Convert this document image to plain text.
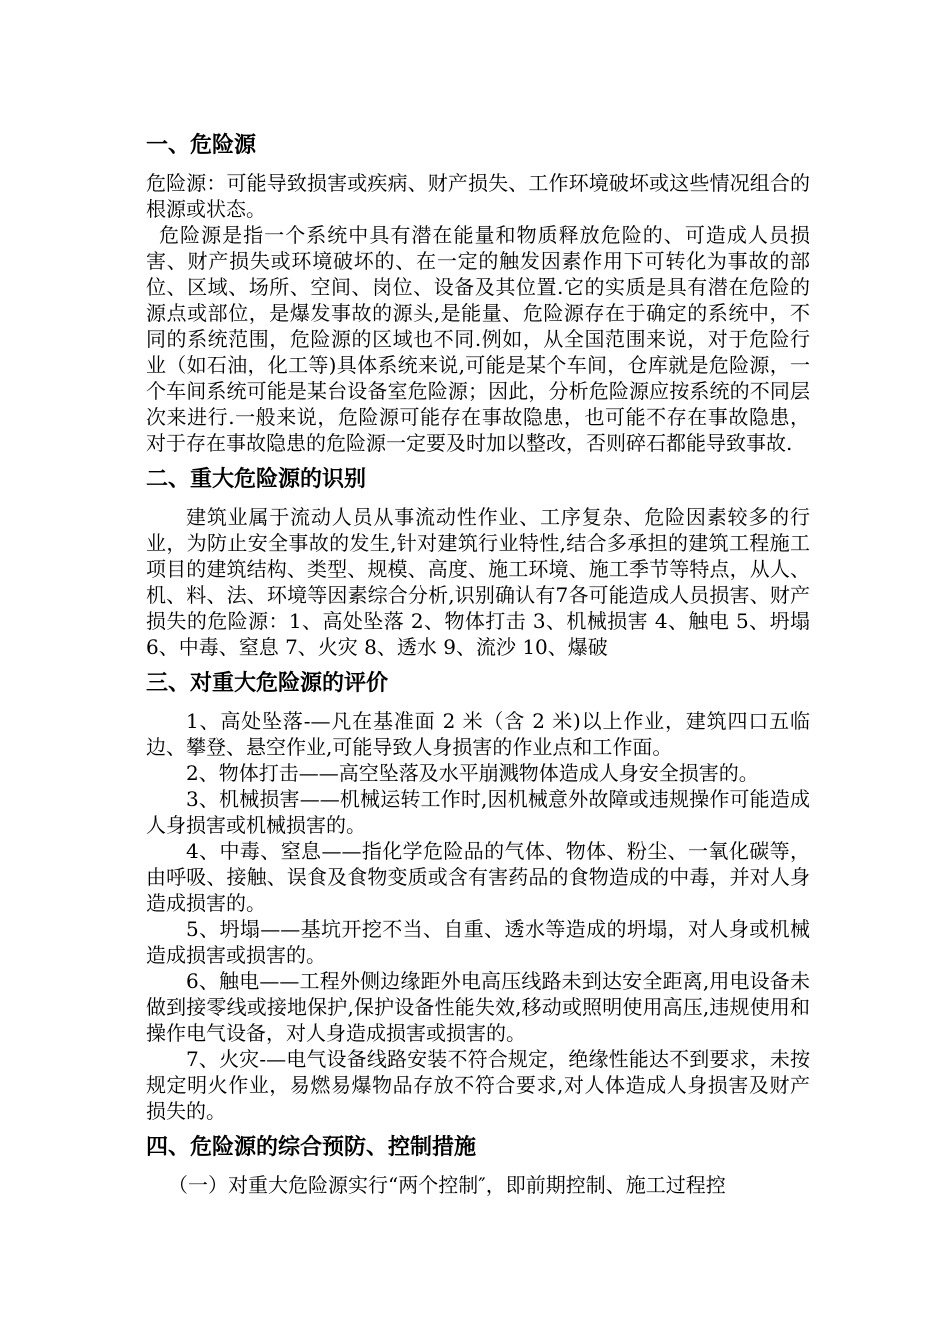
一、危险源

危险源：可能导致损害或疾病、财产损失、工作环境破坏或这些情况组合的根源或状态。

危险源是指一个系统中具有潜在能量和物质释放危险的、可造成人员损害、财产损失或环境破坏的、在一定的触发因素作用下可转化为事故的部位、区域、场所、空间、岗位、设备及其位置.它的实质是具有潜在危险的源点或部位，是爆发事故的源头,是能量、危险源存在于确定的系统中，不同的系统范围，危险源的区域也不同.例如，从全国范围来说，对于危险行业（如石油，化工等)具体系统来说,可能是某个车间，仓库就是危险源，一个车间系统可能是某台设备室危险源；因此，分析危险源应按系统的不同层次来进行.一般来说，危险源可能存在事故隐患，也可能不存在事故隐患，对于存在事故隐患的危险源一定要及时加以整改，否则碎石都能导致事故.

二、重大危险源的识别

建筑业属于流动人员从事流动性作业、工序复杂、危险因素较多的行业，为防止安全事故的发生,针对建筑行业特性,结合多承担的建筑工程施工项目的建筑结构、类型、规模、高度、施工环境、施工季节等特点，从人、机、料、法、环境等因素综合分析,识别确认有7各可能造成人员损害、财产损失的危险源：1、高处坠落 2、物体打击 3、机械损害 4、触电 5、坍塌 6、中毒、窒息 7、火灾 8、透水 9、流沙 10、爆破

三、对重大危险源的评价

1、高处坠落-—凡在基准面 2 米（含 2 米)以上作业，建筑四口五临边、攀登、悬空作业,可能导致人身损害的作业点和工作面。

2、物体打击——高空坠落及水平崩溅物体造成人身安全损害的。

3、机械损害——机械运转工作时,因机械意外故障或违规操作可能造成人身损害或机械损害的。

4、中毒、窒息——指化学危险品的气体、物体、粉尘、一氧化碳等，由呼吸、接触、误食及食物变质或含有害药品的食物造成的中毒，并对人身造成损害的。

5、坍塌——基坑开挖不当、自重、透水等造成的坍塌，对人身或机械造成损害或损害的。

6、触电——工程外侧边缘距外电高压线路未到达安全距离,用电设备未做到接零线或接地保护,保护设备性能失效,移动或照明使用高压,违规使用和操作电气设备，对人身造成损害或损害的。

7、火灾-—电气设备线路安装不符合规定，绝缘性能达不到要求，未按规定明火作业，易燃易爆物品存放不符合要求,对人体造成人身损害及财产损失的。

四、危险源的综合预防、控制措施

（一）对重大危险源实行“两个控制″，即前期控制、施工过程控
